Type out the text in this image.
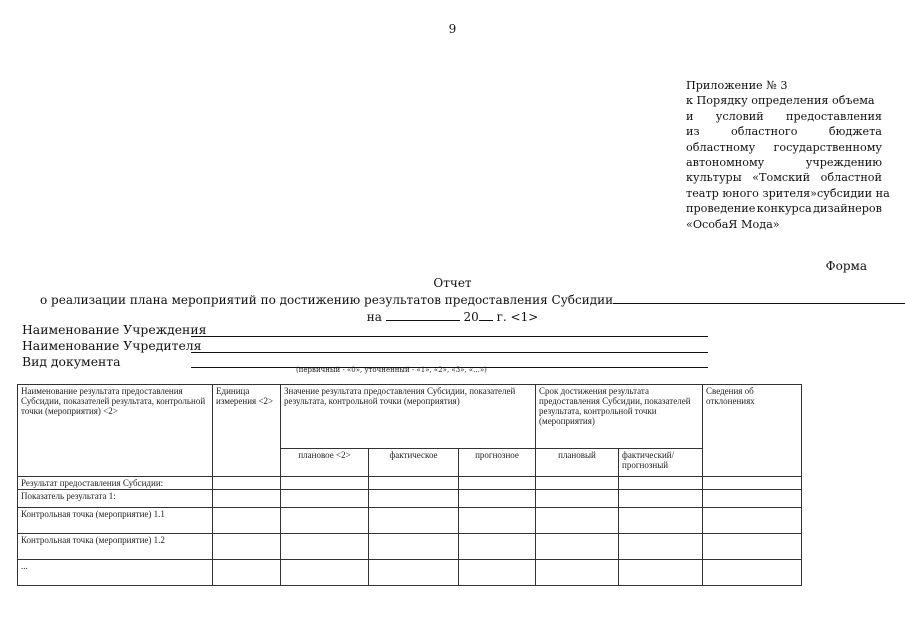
9
Приложение № 3
к Порядку определения объема
и условий предоставления
из	областного	бюджета
областному государственному
автономному	учреждению
культуры «Томский областной
театр юного зрителя» субсидии на
проведение конкурса дизайнеров
«ОсобаЯ Мода»
Форма
Отчет
о реализации плана мероприятий по достижению результатов предоставления Субсидии
на	20 г. <1>
Наименование Учреждения
Наименование Учредителя
Вид документа
(первичный - «0», уточненный - «1», «2», «3», «...»)
Наименование результата предоставления Субсидии, показателей результата, контрольной точки (мероприятия) <2>	Единица измерения <2>	Значение результата предоставления Субсидии, показателей результата, контрольной точки (мероприятия)			Срок достижения результата предоставления Субсидии, показателей результата, контрольной точки (мероприятия)		Сведения об отклонениях
		плановое <2>	фактическое	прогнозное	плановый	фактический/ прогнозный	
Результат предоставления Субсидии:							
Показатель результата 1:							
Контрольная точка (мероприятие) 1.1							
Контрольная точка (мероприятие) 1.2							
...							
